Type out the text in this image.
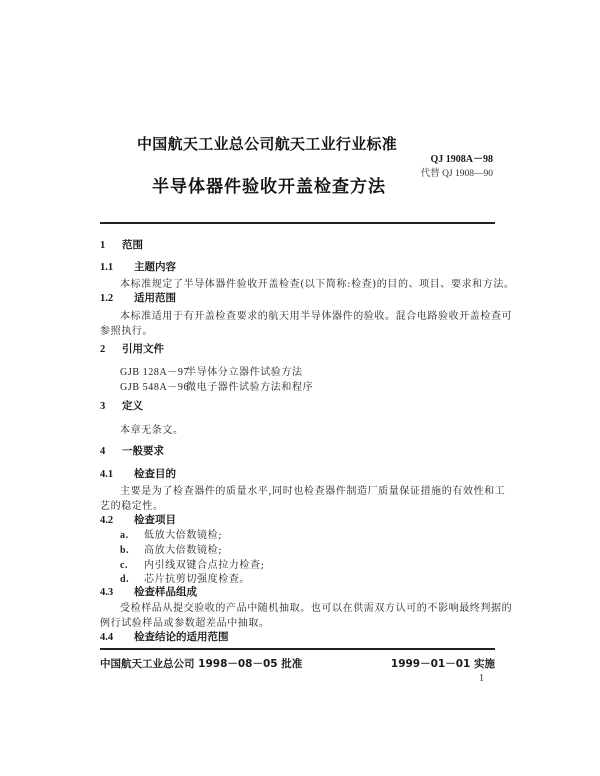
中国航天工业总公司航天工业行业标准
QJ 1908A－98
代替 QJ 1908—90
半导体器件验收开盖检查方法
1 范围
1.1 主题内容
本标准规定了半导体器件验收开盖检查(以下简称:检查)的目的、项目、要求和方法。
1.2 适用范围
本标准适用于有开盖检查要求的航天用半导体器件的验收。混合电路验收开盖检查可
参照执行。
2 引用文件
GJB 128A－97半导体分立器件试验方法
GJB 548A－96微电子器件试验方法和程序
3 定义
本章无条文。
4 一般要求
4.1 检查目的
主要是为了检查器件的质量水平,同时也检查器件制造厂质量保证措施的有效性和工
艺的稳定性。
4.2 检查项目
a. 低放大倍数镜检;
b. 高放大倍数镜检;
c. 内引线双键合点拉力检查;
d. 芯片抗剪切强度检查。
4.3 检查样品组成
受检样品从提交验收的产品中随机抽取。也可以在供需双方认可的不影响最终判据的
例行试验样品或参数超差品中抽取。
4.4 检查结论的适用范围
中国航天工业总公司 1998－08－05 批准	1999－01－01 实施
1
